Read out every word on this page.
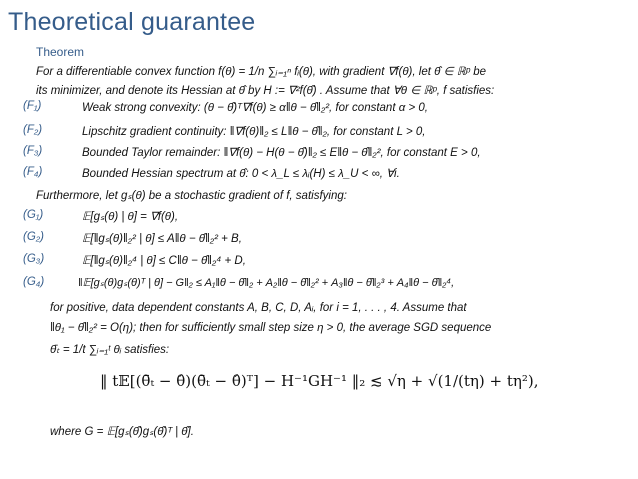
Theoretical guarantee
Theorem
For a differentiable convex function f(θ) = 1/n ∑ᵢ₌₁ⁿ fᵢ(θ), with gradient ∇f(θ), let θ̂ ∈ ℝᵖ be
its minimizer, and denote its Hessian at θ̂ by H := ∇²f(θ̂) . Assume that ∀θ ∈ ℝᵖ, f satisfies:
(F₁)	Weak strong convexity: (θ − θ̂)ᵀ∇f(θ) ≥ α‖θ − θ̂‖₂², for constant α > 0,
(F₂)	Lipschitz gradient continuity: ‖∇f(θ)‖₂ ≤ L‖θ − θ̂‖₂, for constant L > 0,
(F₃)	Bounded Taylor remainder: ‖∇f(θ) − H(θ − θ̂)‖₂ ≤ E‖θ − θ̂‖₂², for constant E > 0,
(F₄)	Bounded Hessian spectrum at θ̂: 0 < λ_L ≤ λᵢ(H) ≤ λ_U < ∞, ∀i.
Furthermore, let gₛ(θ) be a stochastic gradient of f, satisfying:
(G₁)	𝔼[gₛ(θ) | θ] = ∇f(θ),
(G₂)	𝔼[‖gₛ(θ)‖₂² | θ] ≤ A‖θ − θ̂‖₂² + B,
(G₃)	𝔼[‖gₛ(θ)‖₂⁴ | θ] ≤ C‖θ − θ̂‖₂⁴ + D,
(G₄)	‖𝔼[gₛ(θ)gₛ(θ)ᵀ | θ] − G‖₂ ≤ A₁‖θ − θ̂‖₂ + A₂‖θ − θ̂‖₂² + A₃‖θ − θ̂‖₂³ + A₄‖θ − θ̂‖₂⁴,
for positive, data dependent constants A, B, C, D, Aᵢ, for i = 1, . . . , 4. Assume that
‖θ₁ − θ̂‖₂² = O(η); then for sufficiently small step size η > 0, the average SGD sequence
θ̄ₜ = 1/t ∑ᵢ₌₁ᵗ θᵢ satisfies:
‖ t𝔼[(θ̄ₜ − θ̂)(θ̄ₜ − θ̂)ᵀ] − H⁻¹GH⁻¹ ‖₂ ≲ √η + √(1/(tη) + tη²),
where G = 𝔼[gₛ(θ̂)gₛ(θ̂)ᵀ | θ̂].
